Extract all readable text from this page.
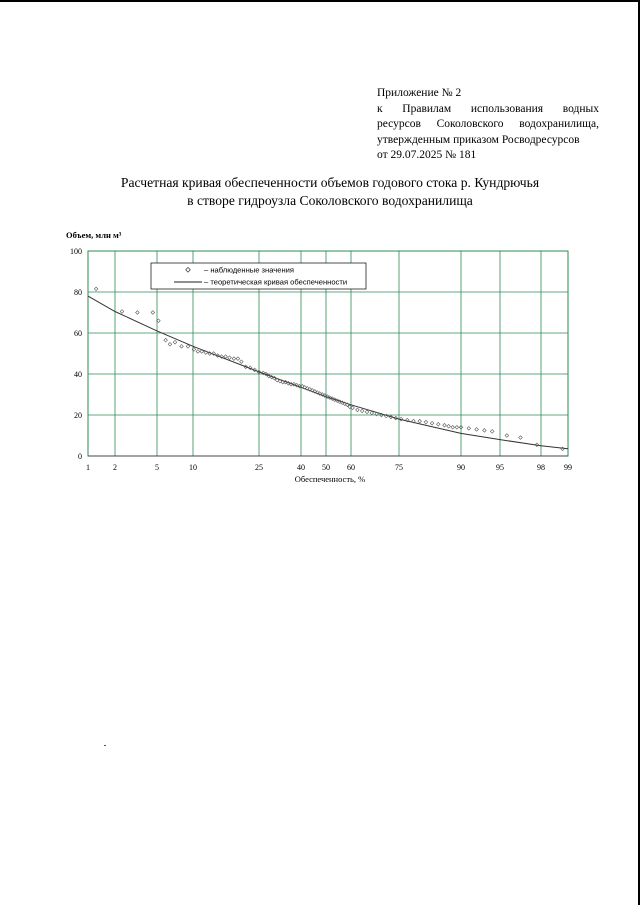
Приложение № 2
к Правилам использования водных
ресурсов Соколовского водохранилища,
утвержденным приказом Росводресурсов
от 29.07.2025 № 181
Расчетная кривая обеспеченности объемов годового стока р. Кундрючья
в створе гидроузла Соколовского водохранилища
0
20
40
60
80
100
1	2	5	10	25	40 50 60	75	90	95	98 99
– наблюденные значения
– теоретическая кривая обеспеченности
Объем, млн м³
Обеспеченность, %
